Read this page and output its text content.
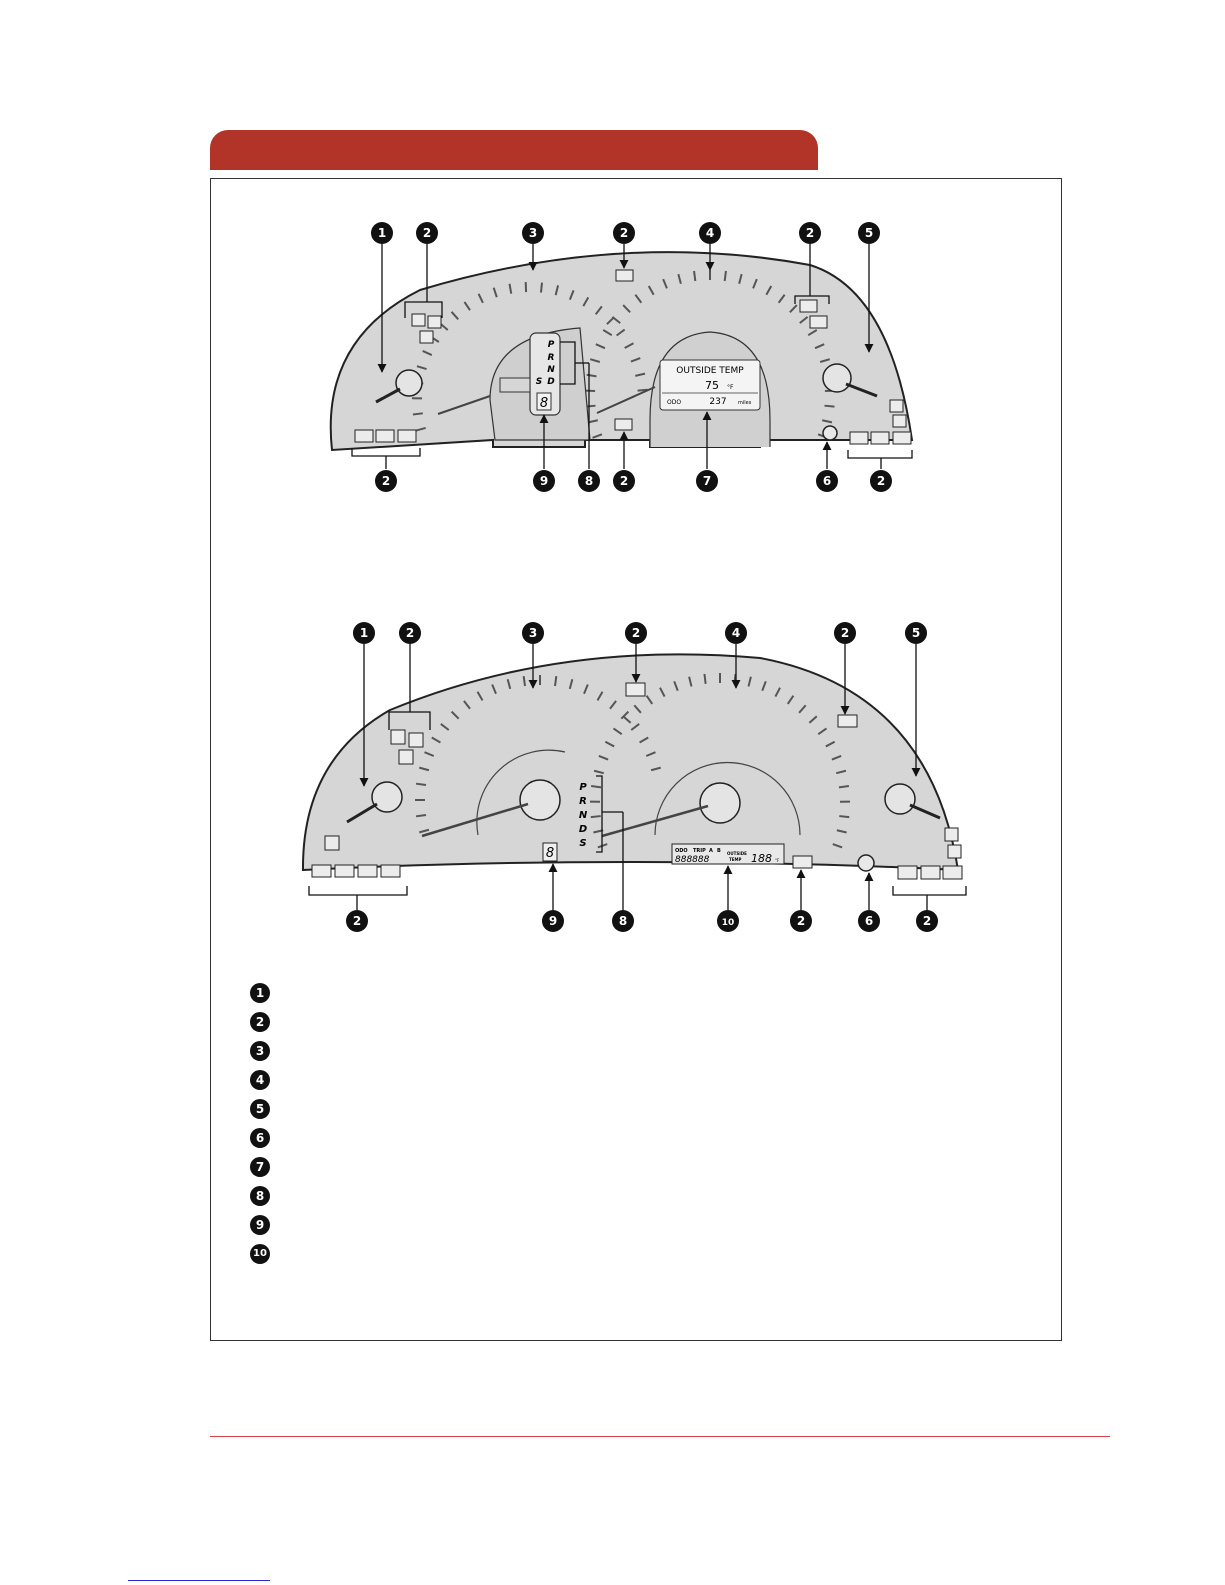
P
R
N
D
S
8
OUTSIDE TEMP
75 °F
ODO	237 miles
1	2	3	2	4	2	5
2	9	8 2	7	6	2
P
R
N
D
S
8	ODO TRIP A B
888888
OUTSIDE
TEMP 188 °F
1	2	3	2	4	2	5
2	9	8	10	2	6	2
1
2
3
4
5
6
7
8
9
10
